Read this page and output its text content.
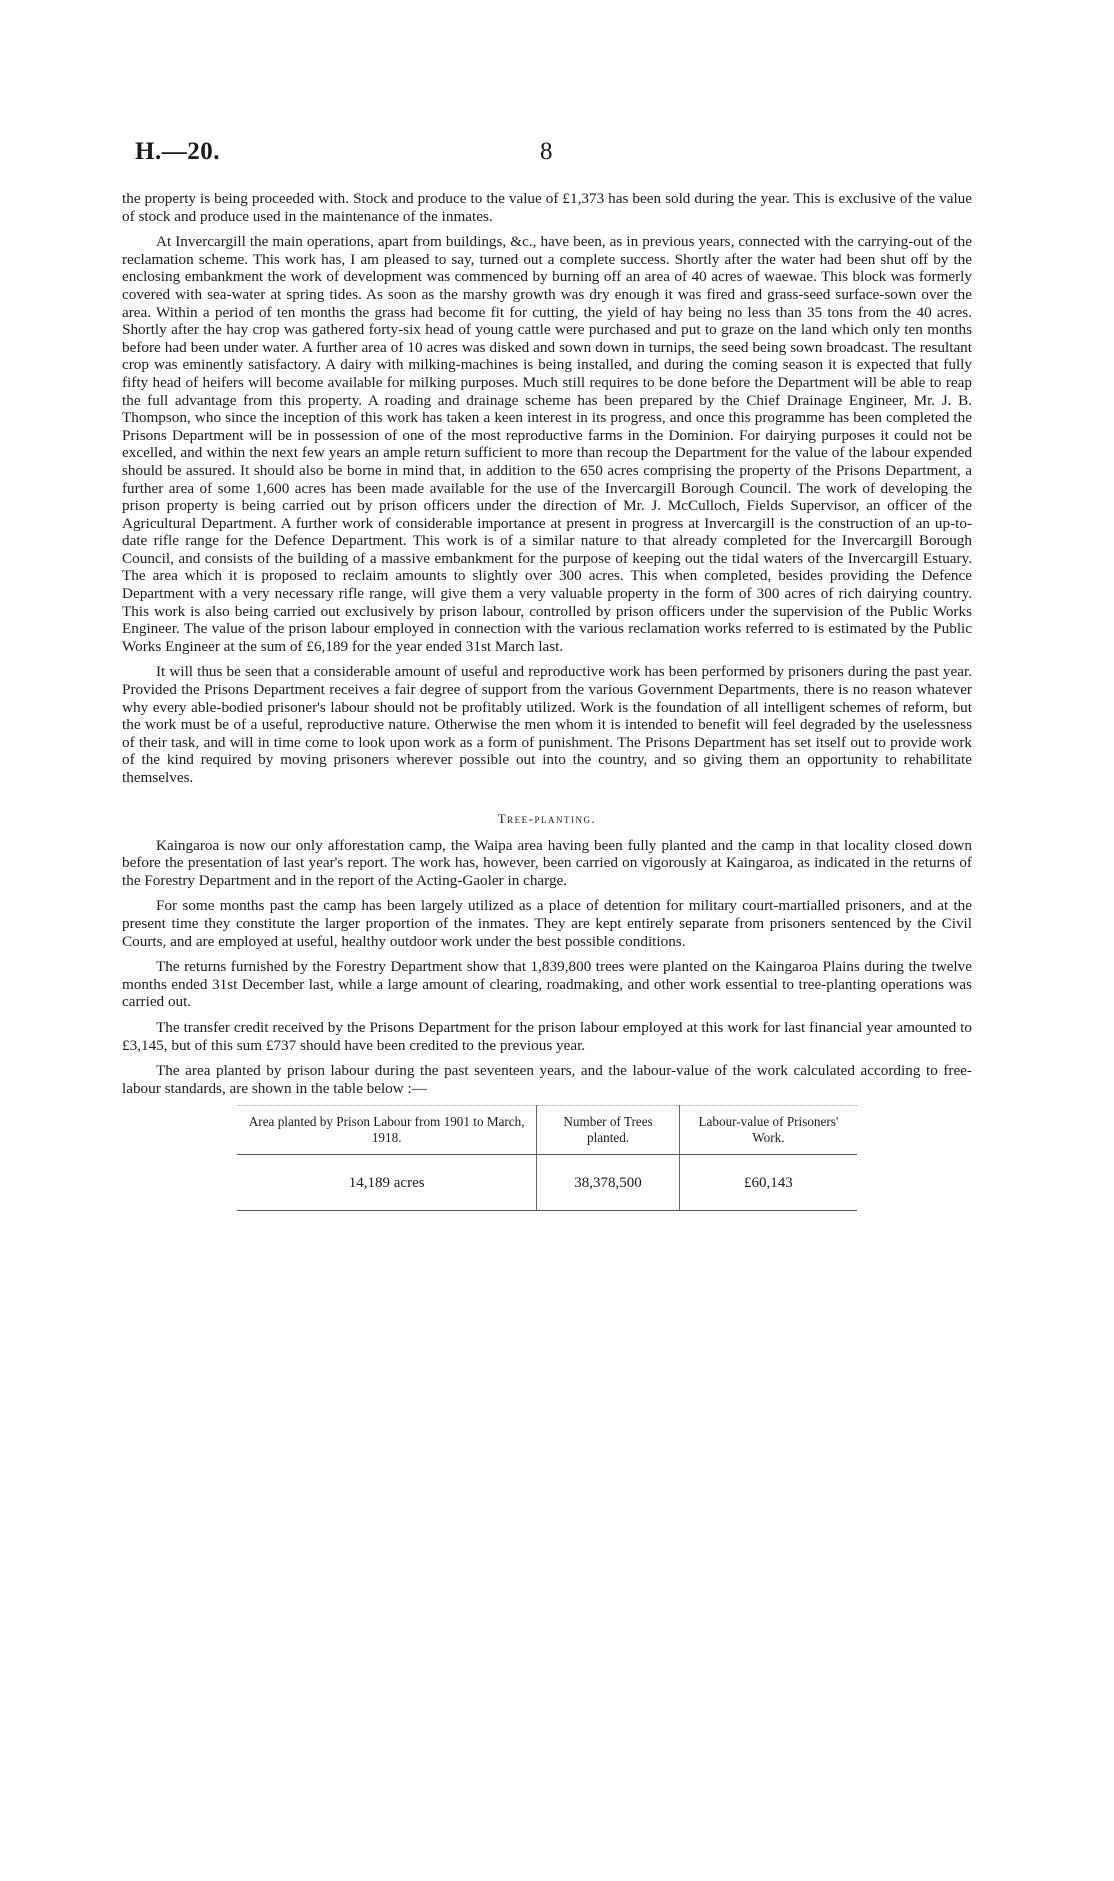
H.—20.	8

the property is being proceeded with. Stock and produce to the value of £1,373 has been sold during the year. This is exclusive of the value of stock and produce used in the maintenance of the inmates.

At Invercargill the main operations, apart from buildings, &c., have been, as in previous years, connected with the carrying-out of the reclamation scheme. This work has, I am pleased to say, turned out a complete success. Shortly after the water had been shut off by the enclosing embankment the work of development was commenced by burning off an area of 40 acres of waewae. This block was formerly covered with sea-water at spring tides. As soon as the marshy growth was dry enough it was fired and grass-seed surface-sown over the area. Within a period of ten months the grass had become fit for cutting, the yield of hay being no less than 35 tons from the 40 acres. Shortly after the hay crop was gathered forty-six head of young cattle were purchased and put to graze on the land which only ten months before had been under water. A further area of 10 acres was disked and sown down in turnips, the seed being sown broadcast. The resultant crop was eminently satisfactory. A dairy with milking-machines is being installed, and during the coming season it is expected that fully fifty head of heifers will become available for milking purposes. Much still requires to be done before the Department will be able to reap the full advantage from this property. A roading and drainage scheme has been prepared by the Chief Drainage Engineer, Mr. J. B. Thompson, who since the inception of this work has taken a keen interest in its progress, and once this programme has been completed the Prisons Department will be in possession of one of the most reproductive farms in the Dominion. For dairying purposes it could not be excelled, and within the next few years an ample return sufficient to more than recoup the Department for the value of the labour expended should be assured. It should also be borne in mind that, in addition to the 650 acres comprising the property of the Prisons Department, a further area of some 1,600 acres has been made available for the use of the Invercargill Borough Council. The work of developing the prison property is being carried out by prison officers under the direction of Mr. J. McCulloch, Fields Supervisor, an officer of the Agricultural Department. A further work of considerable importance at present in progress at Invercargill is the construction of an up-to-date rifle range for the Defence Department. This work is of a similar nature to that already completed for the Invercargill Borough Council, and consists of the building of a massive embankment for the purpose of keeping out the tidal waters of the Invercargill Estuary. The area which it is proposed to reclaim amounts to slightly over 300 acres. This when completed, besides providing the Defence Department with a very necessary rifle range, will give them a very valuable property in the form of 300 acres of rich dairying country. This work is also being carried out exclusively by prison labour, controlled by prison officers under the supervision of the Public Works Engineer. The value of the prison labour employed in connection with the various reclamation works referred to is estimated by the Public Works Engineer at the sum of £6,189 for the year ended 31st March last.

It will thus be seen that a considerable amount of useful and reproductive work has been performed by prisoners during the past year. Provided the Prisons Department receives a fair degree of support from the various Government Departments, there is no reason whatever why every able-bodied prisoner's labour should not be profitably utilized. Work is the foundation of all intelligent schemes of reform, but the work must be of a useful, reproductive nature. Otherwise the men whom it is intended to benefit will feel degraded by the uselessness of their task, and will in time come to look upon work as a form of punishment. The Prisons Department has set itself out to provide work of the kind required by moving prisoners wherever possible out into the country, and so giving them an opportunity to rehabilitate themselves.

Tree-planting.

Kaingaroa is now our only afforestation camp, the Waipa area having been fully planted and the camp in that locality closed down before the presentation of last year's report. The work has, however, been carried on vigorously at Kaingaroa, as indicated in the returns of the Forestry Department and in the report of the Acting-Gaoler in charge.

For some months past the camp has been largely utilized as a place of detention for military court-martialled prisoners, and at the present time they constitute the larger proportion of the inmates. They are kept entirely separate from prisoners sentenced by the Civil Courts, and are employed at useful, healthy outdoor work under the best possible conditions.

The returns furnished by the Forestry Department show that 1,839,800 trees were planted on the Kaingaroa Plains during the twelve months ended 31st December last, while a large amount of clearing, roadmaking, and other work essential to tree-planting operations was carried out.

The transfer credit received by the Prisons Department for the prison labour employed at this work for last financial year amounted to £3,145, but of this sum £737 should have been credited to the previous year.

The area planted by prison labour during the past seventeen years, and the labour-value of the work calculated according to free-labour standards, are shown in the table below :—

Area planted by Prison Labour from 1901 to March, 1918.	Number of Trees planted.	Labour-value of Prisoners' Work.
14,189 acres	38,378,500	£60,143
